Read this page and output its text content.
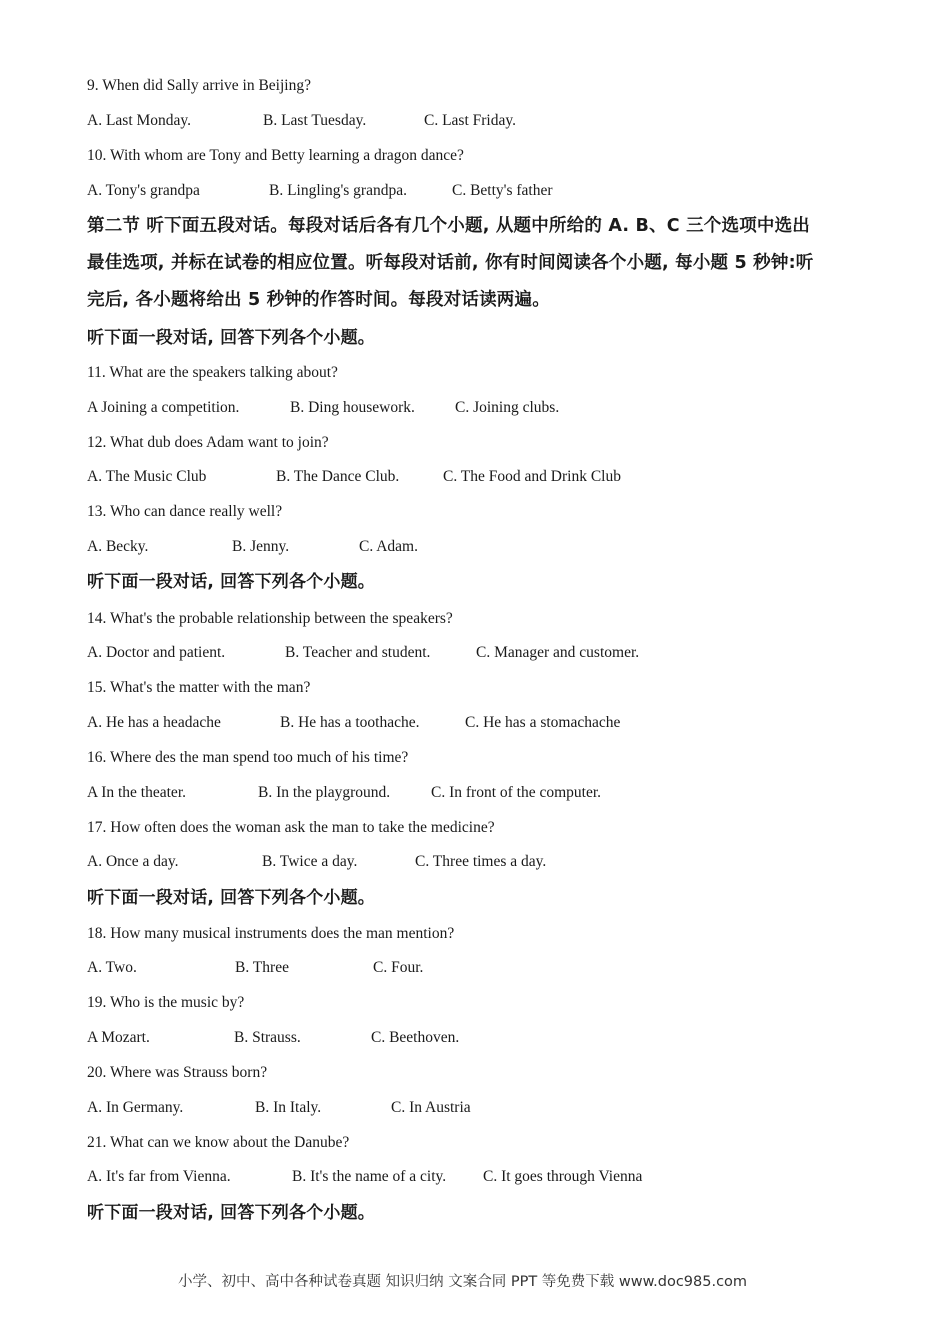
9. When did Sally arrive in Beijing?
A. Last Monday.	B. Last Tuesday.	C. Last Friday.
10. With whom are Tony and Betty learning a dragon dance?
A. Tony's grandpa	B. Lingling's grandpa.	C. Betty's father
第二节 听下面五段对话。每段对话后各有几个小题, 从题中所给的 A. B、C 三个选项中选出
最佳选项, 并标在试卷的相应位置。听每段对话前, 你有时间阅读各个小题, 每小题 5 秒钟:听
完后, 各小题将给出 5 秒钟的作答时间。每段对话读两遍。
听下面一段对话, 回答下列各个小题。
11. What are the speakers talking about?
A Joining a competition.	B. Ding housework.	C. Joining clubs.
12. What dub does Adam want to join?
A. The Music Club	B. The Dance Club.	C. The Food and Drink Club
13. Who can dance really well?
A. Becky.	B. Jenny.	C. Adam.
听下面一段对话, 回答下列各个小题。
14. What's the probable relationship between the speakers?
A. Doctor and patient.	B. Teacher and student.	C. Manager and customer.
15. What's the matter with the man?
A. He has a headache	B. He has a toothache.	C. He has a stomachache
16. Where des the man spend too much of his time?
A In the theater.	B. In the playground.	C. In front of the computer.
17. How often does the woman ask the man to take the medicine?
A. Once a day.	B. Twice a day.	C. Three times a day.
听下面一段对话, 回答下列各个小题。
18. How many musical instruments does the man mention?
A. Two.	B. Three	C. Four.
19. Who is the music by?
A Mozart.	B. Strauss.	C. Beethoven.
20. Where was Strauss born?
A. In Germany.	B. In Italy.	C. In Austria
21. What can we know about the Danube?
A. It's far from Vienna.	B. It's the name of a city. C. It goes through Vienna
听下面一段对话, 回答下列各个小题。
小学、初中、高中各种试卷真题 知识归纳 文案合同 PPT 等免费下载 www.doc985.com
